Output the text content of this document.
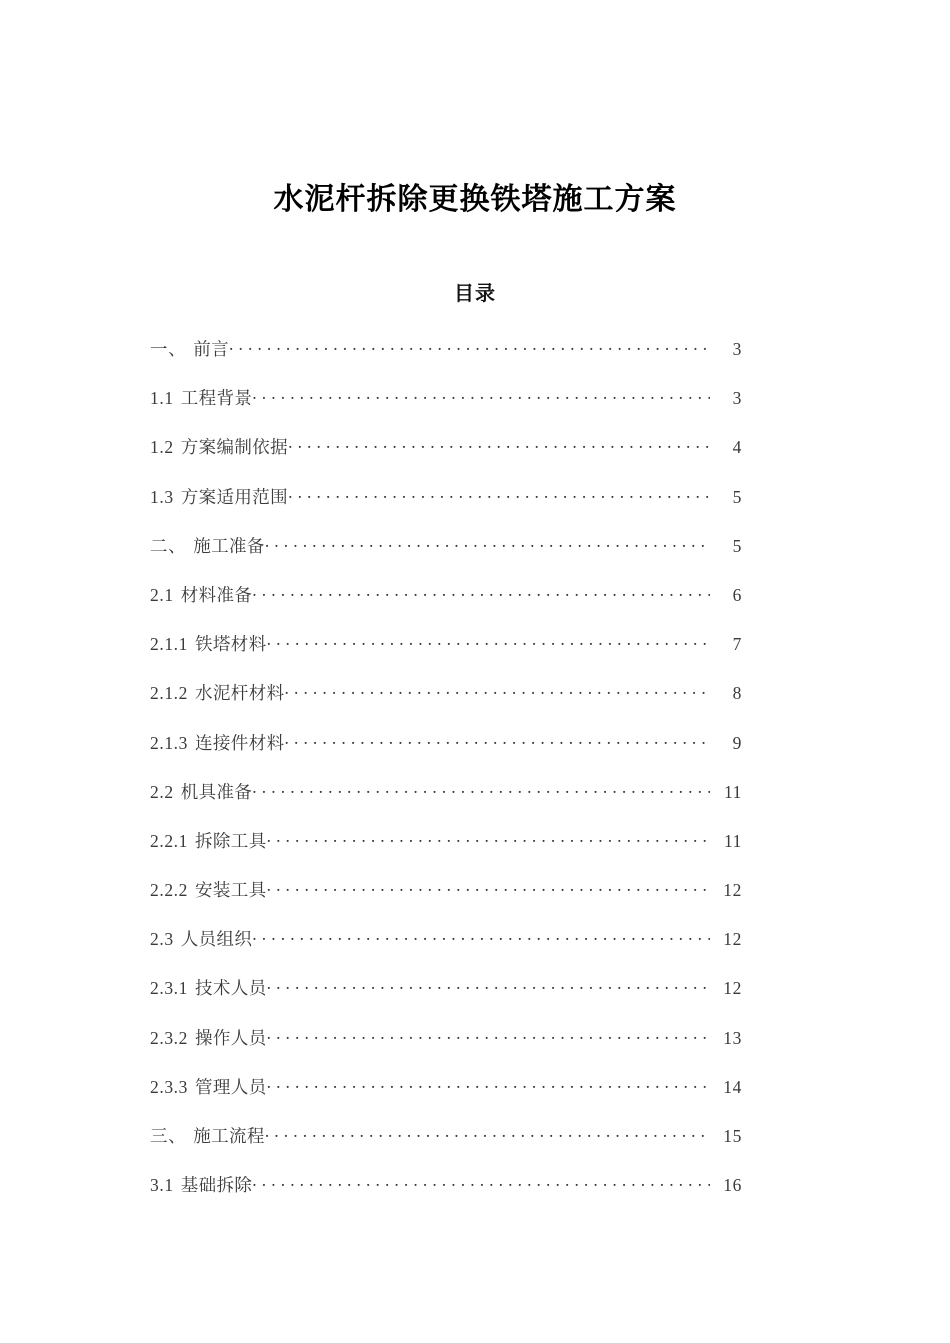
水泥杆拆除更换铁塔施工方案
目录
一、 前言 .....	3
1.1 工程背景 .....	3
1.2 方案编制依据 .....	4
1.3 方案适用范围 .....	5
二、 施工准备 .....	5
2.1 材料准备 .....	6
2.1.1 铁塔材料 .....	7
2.1.2 水泥杆材料 .....	8
2.1.3 连接件材料 .....	9
2.2 机具准备 .....	11
2.2.1 拆除工具 .....	11
2.2.2 安装工具 .....	12
2.3 人员组织 .....	12
2.3.1 技术人员 .....	12
2.3.2 操作人员 .....	13
2.3.3 管理人员 .....	14
三、 施工流程 .....	15
3.1 基础拆除 .....	16
